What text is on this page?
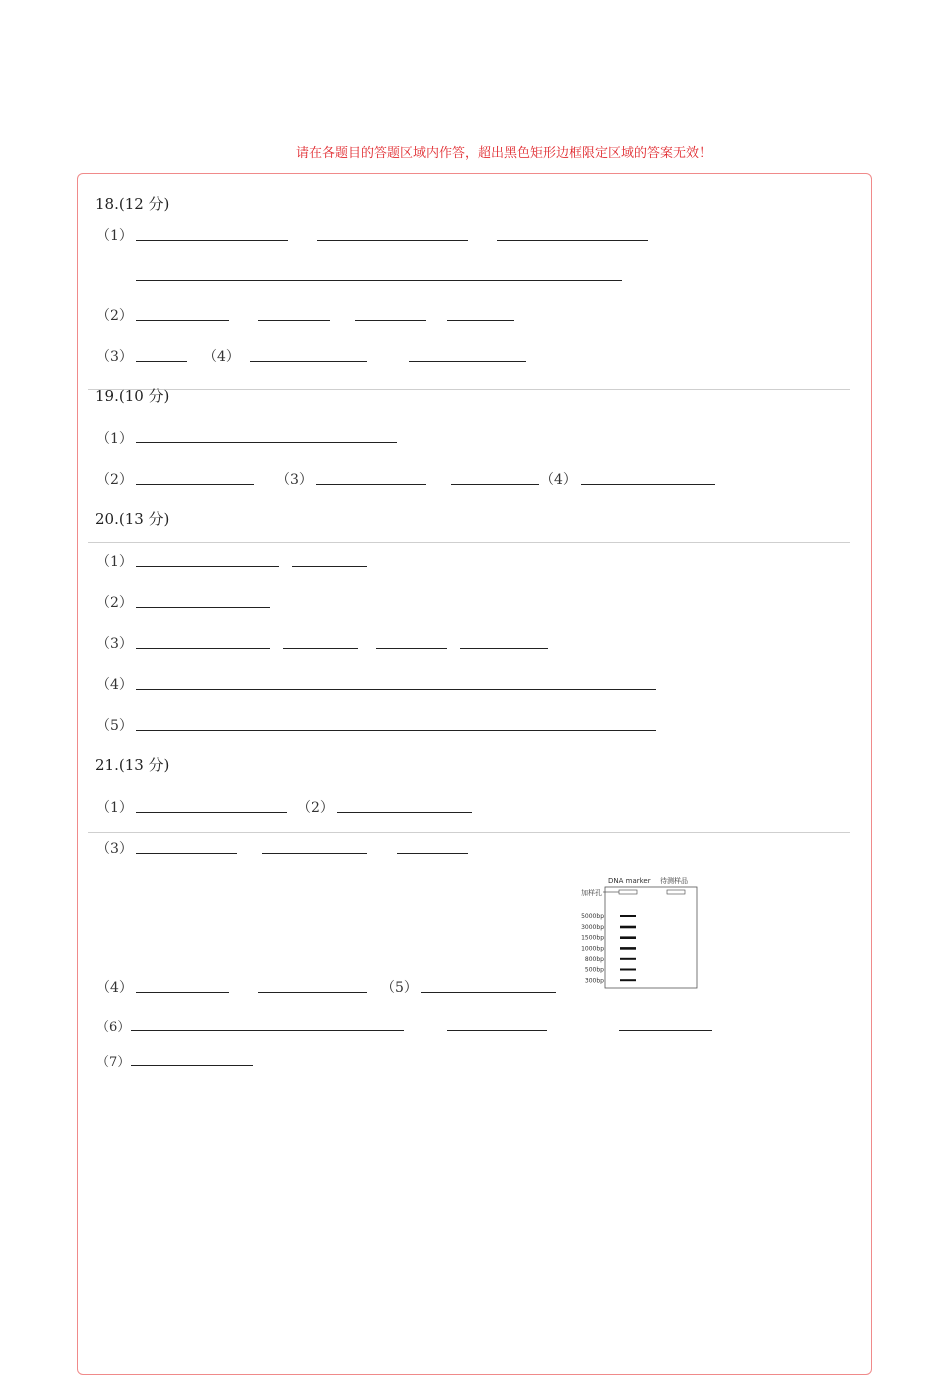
请在各题目的答题区域内作答，超出黑色矩形边框限定区域的答案无效！
18.(12 分)
（1）
（2）
（3）	（4）
19.(10 分)
（1）
（2）	（3）	（4）
20.(13 分)
（1）
（2）
（3）
（4）
（5）
21.(13 分)
（1）	（2）
（3）
DNA marker 待测样品
加样孔
5000bp
3000bp
1500bp
1000bp
800bp
500bp
300bp
（4）	（5）
（6）
（7）
